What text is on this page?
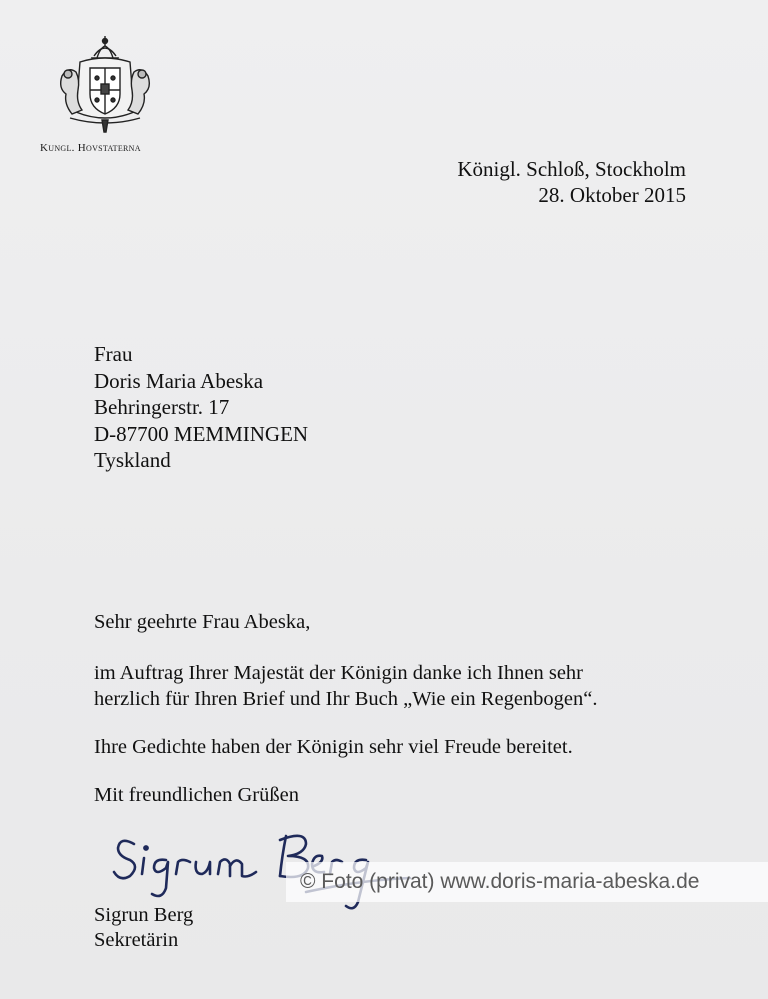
Kungl. Hovstaterna
Königl. Schloß, Stockholm
28. Oktober 2015
Frau
Doris Maria Abeska
Behringerstr. 17
D-87700 MEMMINGEN
Tyskland
Sehr geehrte Frau Abeska,
im Auftrag Ihrer Majestät der Königin danke ich Ihnen sehr
herzlich für Ihren Brief und Ihr Buch „Wie ein Regenbogen“.
Ihre Gedichte haben der Königin sehr viel Freude bereitet.
Mit freundlichen Grüßen
© Foto (privat) www.doris-maria-abeska.de
Sigrun Berg
Sekretärin
